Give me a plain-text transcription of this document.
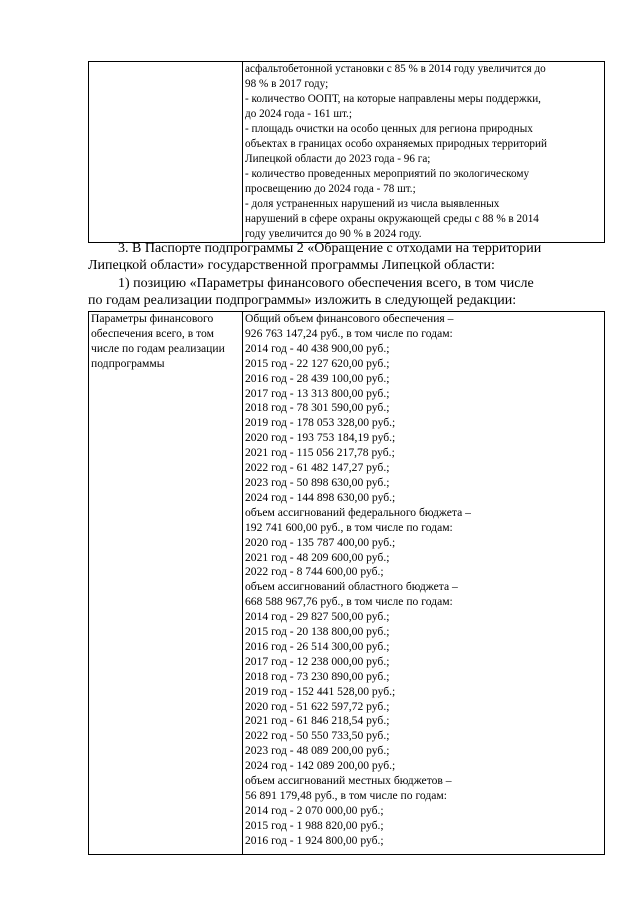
асфальтобетонной установки с 85 % в 2014 году увеличится до
98 % в 2017 году;
- количество ООПТ, на которые направлены меры поддержки,
до 2024 года - 161 шт.;
- площадь очистки на особо ценных для региона природных
объектах в границах особо охраняемых природных территорий
Липецкой области до 2023 года - 96 га;
- количество проведенных мероприятий по экологическому
просвещению до 2024 года - 78 шт.;
- доля устраненных нарушений из числа выявленных
нарушений в сфере охраны окружающей среды с 88 % в 2014
году увеличится до 90 % в 2024 году.
3. В Паспорте подпрограммы 2 «Обращение с отходами на территории
Липецкой области» государственной программы Липецкой области:
1) позицию «Параметры финансового обеспечения всего, в том числе
по годам реализации подпрограммы» изложить в следующей редакции:
Параметры финансового
обеспечения всего, в том
числе по годам реализации
подпрограммы

Общий объем финансового обеспечения –
926 763 147,24 руб., в том числе по годам:
2014 год - 40 438 900,00 руб.;
2015 год - 22 127 620,00 руб.;
2016 год - 28 439 100,00 руб.;
2017 год - 13 313 800,00 руб.;
2018 год - 78 301 590,00 руб.;
2019 год - 178 053 328,00 руб.;
2020 год - 193 753 184,19 руб.;
2021 год - 115 056 217,78 руб.;
2022 год - 61 482 147,27 руб.;
2023 год - 50 898 630,00 руб.;
2024 год - 144 898 630,00 руб.;
объем ассигнований федерального бюджета –
192 741 600,00 руб., в том числе по годам:
2020 год - 135 787 400,00 руб.;
2021 год - 48 209 600,00 руб.;
2022 год - 8 744 600,00 руб.;
объем ассигнований областного бюджета –
668 588 967,76 руб., в том числе по годам:
2014 год - 29 827 500,00 руб.;
2015 год - 20 138 800,00 руб.;
2016 год - 26 514 300,00 руб.;
2017 год - 12 238 000,00 руб.;
2018 год - 73 230 890,00 руб.;
2019 год - 152 441 528,00 руб.;
2020 год - 51 622 597,72 руб.;
2021 год - 61 846 218,54 руб.;
2022 год - 50 550 733,50 руб.;
2023 год - 48 089 200,00 руб.;
2024 год - 142 089 200,00 руб.;
объем ассигнований местных бюджетов –
56 891 179,48 руб., в том числе по годам:
2014 год - 2 070 000,00 руб.;
2015 год - 1 988 820,00 руб.;
2016 год - 1 924 800,00 руб.;
